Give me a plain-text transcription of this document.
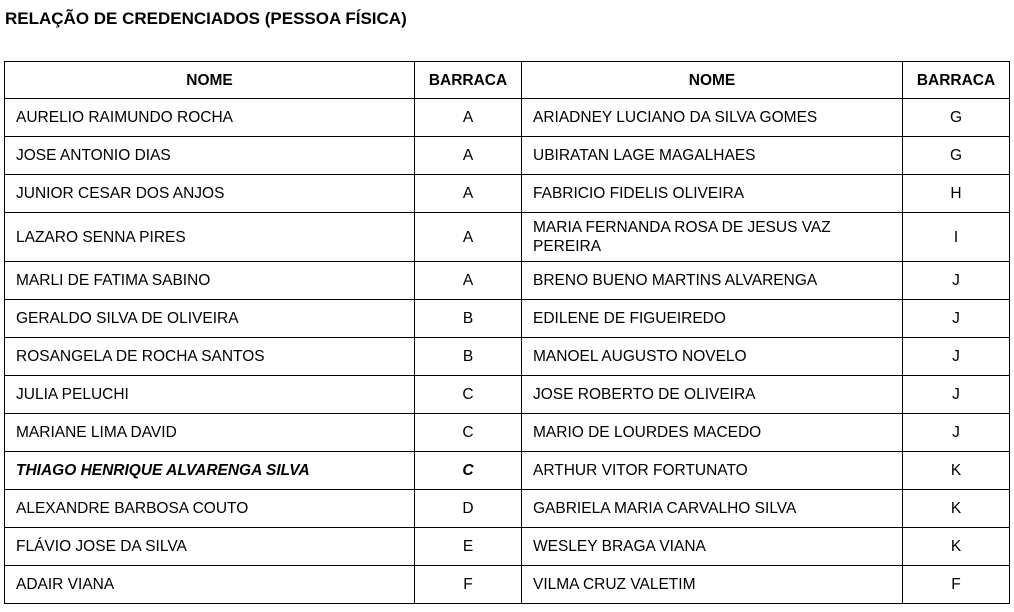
RELAÇÃO DE CREDENCIADOS (PESSOA FÍSICA)
NOME	BARRACA	NOME	BARRACA
AURELIO RAIMUNDO ROCHA	A	ARIADNEY LUCIANO DA SILVA GOMES	G
JOSE ANTONIO DIAS	A	UBIRATAN LAGE MAGALHAES	G
JUNIOR CESAR DOS ANJOS	A	FABRICIO FIDELIS OLIVEIRA	H
LAZARO SENNA PIRES	A	MARIA FERNANDA ROSA DE JESUS VAZ PEREIRA	I
MARLI DE FATIMA SABINO	A	BRENO BUENO MARTINS ALVARENGA	J
GERALDO SILVA DE OLIVEIRA	B	EDILENE DE FIGUEIREDO	J
ROSANGELA DE ROCHA SANTOS	B	MANOEL AUGUSTO NOVELO	J
JULIA PELUCHI	C	JOSE ROBERTO DE OLIVEIRA	J
MARIANE LIMA DAVID	C	MARIO DE LOURDES MACEDO	J
THIAGO HENRIQUE ALVARENGA SILVA	C	ARTHUR VITOR FORTUNATO	K
ALEXANDRE BARBOSA COUTO	D	GABRIELA MARIA CARVALHO SILVA	K
FLÁVIO JOSE DA SILVA	E	WESLEY BRAGA VIANA	K
ADAIR VIANA	F	VILMA CRUZ VALETIM	F
